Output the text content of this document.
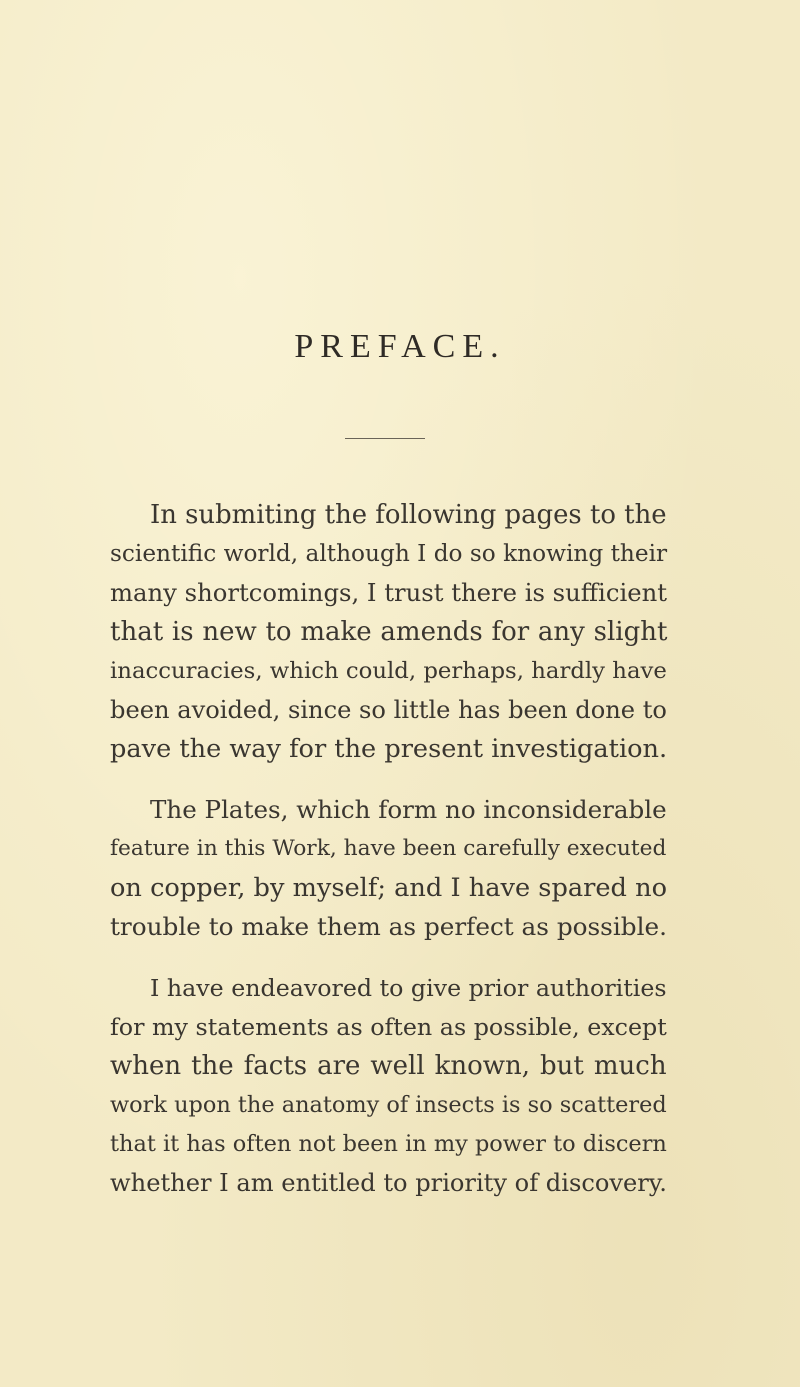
PREFACE.
In submiting the following pages to the
scientific world, although I do so knowing their
many shortcomings, I trust there is sufficient
that is new to make amends for any slight
inaccuracies, which could, perhaps, hardly have
been avoided, since so little has been done to
pave the way for the present investigation.
The Plates, which form no inconsiderable
feature in this Work, have been carefully executed
on copper, by myself; and I have spared no
trouble to make them as perfect as possible.
I have endeavored to give prior authorities
for my statements as often as possible, except
when the facts are well known, but much
work upon the anatomy of insects is so scattered
that it has often not been in my power to discern
whether I am entitled to priority of discovery.
